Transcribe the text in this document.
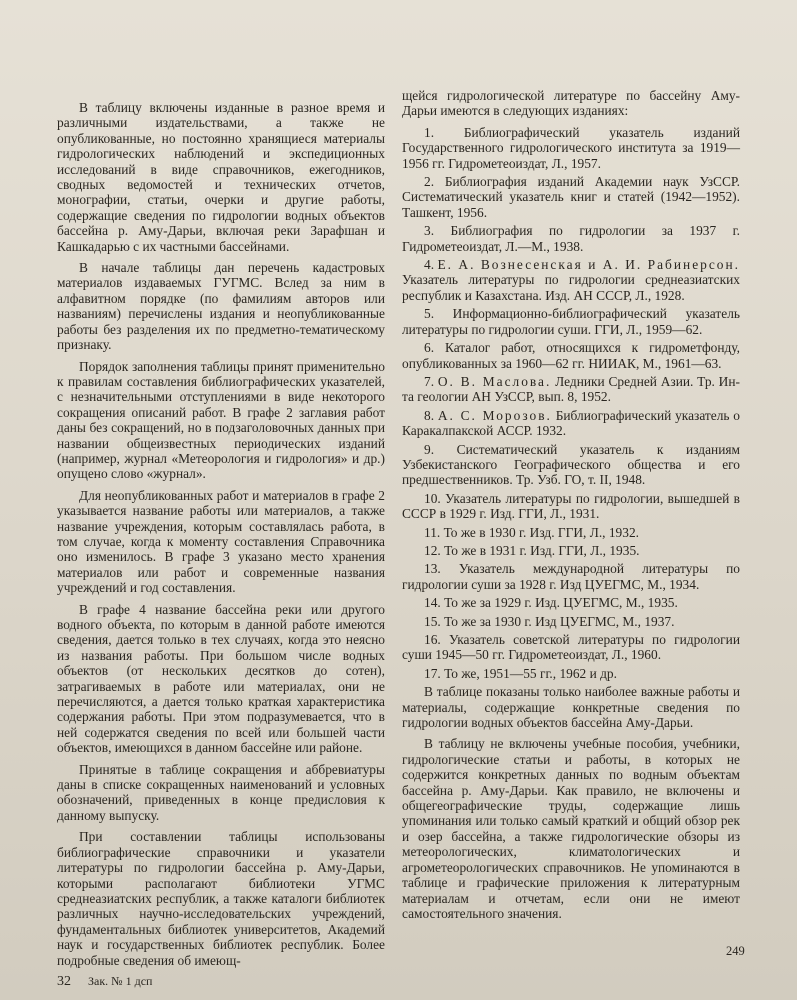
В таблицу включены изданные в разное время и различными издательствами, а также не опубликованные, но постоянно хранящиеся материалы гидрологических наблюдений и экспедиционных исследований в виде справочников, ежегодников, сводных ведомостей и технических отчетов, монографии, статьи, очерки и другие работы, содержащие сведения по гидрологии водных объектов бассейна р. Аму-Дарьи, включая реки Зарафшан и Кашкадарью с их частными бассейнами.

В начале таблицы дан перечень кадастровых материалов издаваемых ГУГМС. Вслед за ним в алфавитном порядке (по фамилиям авторов или названиям) перечислены издания и неопубликованные работы без разделения их по предметно-тематическому признаку.

Порядок заполнения таблицы принят применительно к правилам составления библиографических указателей, с незначительными отступлениями в виде некоторого сокращения описаний работ. В графе 2 заглавия работ даны без сокращений, но в подзаголовочных данных при названии общеизвестных периодических изданий (например, журнал «Метеорология и гидрология» и др.) опущено слово «журнал».

Для неопубликованных работ и материалов в графе 2 указывается название работы или материалов, а также название учреждения, которым составлялась работа, в том случае, когда к моменту составления Справочника оно изменилось. В графе 3 указано место хранения материалов или работ и современные названия учреждений и год составления.

В графе 4 название бассейна реки или другого водного объекта, по которым в данной работе имеются сведения, дается только в тех случаях, когда это неясно из названия работы. При большом числе водных объектов (от нескольких десятков до сотен), затрагиваемых в работе или материалах, они не перечисляются, а дается только краткая характеристика содержания работы. При этом подразумевается, что в ней содержатся сведения по всей или большей части объектов, имеющихся в данном бассейне или районе.

Принятые в таблице сокращения и аббревиатуры даны в списке сокращенных наименований и условных обозначений, приведенных в конце предисловия к данному выпуску.

При составлении таблицы использованы библиографические справочники и указатели литературы по гидрологии бассейна р. Аму-Дарьи, которыми располагают библиотеки УГМС среднеазиатских республик, а также каталоги библиотек различных научно-исследовательских учреждений, фундаментальных библиотек университетов, Академий наук и государственных библиотек республик. Более подробные сведения об имеющ-

щейся гидрологической литературе по бассейну Аму-Дарьи имеются в следующих изданиях:

1. Библиографический указатель изданий Государственного гидрологического института за 1919—1956 гг. Гидрометеоиздат, Л., 1957.

2. Библиография изданий Академии наук УзССР. Систематический указатель книг и статей (1942—1952). Ташкент, 1956.

3. Библиография по гидрологии за 1937 г. Гидрометеоиздат, Л.—М., 1938.

4. Е. А. Вознесенская и А. И. Рабинерсон. Указатель литературы по гидрологии среднеазиатских республик и Казахстана. Изд. АН СССР, Л., 1928.

5. Информационно-библиографический указатель литературы по гидрологии суши. ГГИ, Л., 1959—62.

6. Каталог работ, относящихся к гидрометфонду, опубликованных за 1960—62 гг. НИИАК, М., 1961—63.

7. О. В. Маслова. Ледники Средней Азии. Тр. Ин-та геологии АН УзССР, вып. 8, 1952.

8. А. С. Морозов. Библиографический указатель о Каракалпакской АССР. 1932.

9. Систематический указатель к изданиям Узбекистанского Географического общества и его предшественников. Тр. Узб. ГО, т. II, 1948.

10. Указатель литературы по гидрологии, вышедшей в СССР в 1929 г. Изд. ГГИ, Л., 1931.

11. То же в 1930 г. Изд. ГГИ, Л., 1932.

12. То же в 1931 г. Изд. ГГИ, Л., 1935.

13. Указатель международной литературы по гидрологии суши за 1928 г. Изд ЦУЕГМС, М., 1934.

14. То же за 1929 г. Изд. ЦУЕГМС, М., 1935.

15. То же за 1930 г. Изд ЦУЕГМС, М., 1937.

16. Указатель советской литературы по гидрологии суши 1945—50 гг. Гидрометеоиздат, Л., 1960.

17. То же, 1951—55 гг., 1962 и др.

В таблице показаны только наиболее важные работы и материалы, содержащие конкретные сведения по гидрологии водных объектов бассейна Аму-Дарьи.

В таблицу не включены учебные пособия, учебники, гидрологические статьи и работы, в которых не содержится конкретных данных по водным объектам бассейна р. Аму-Дарьи. Как правило, не включены и общегеографические труды, содержащие лишь упоминания или только самый краткий и общий обзор рек и озер бассейна, а также гидрологические обзоры из метеорологических, климатологических и агрометеорологических справочников. Не упоминаются в таблице и графические приложения к литературным материалам и отчетам, если они не имеют самостоятельного значения.

32 Зак. № 1 дсп
249
